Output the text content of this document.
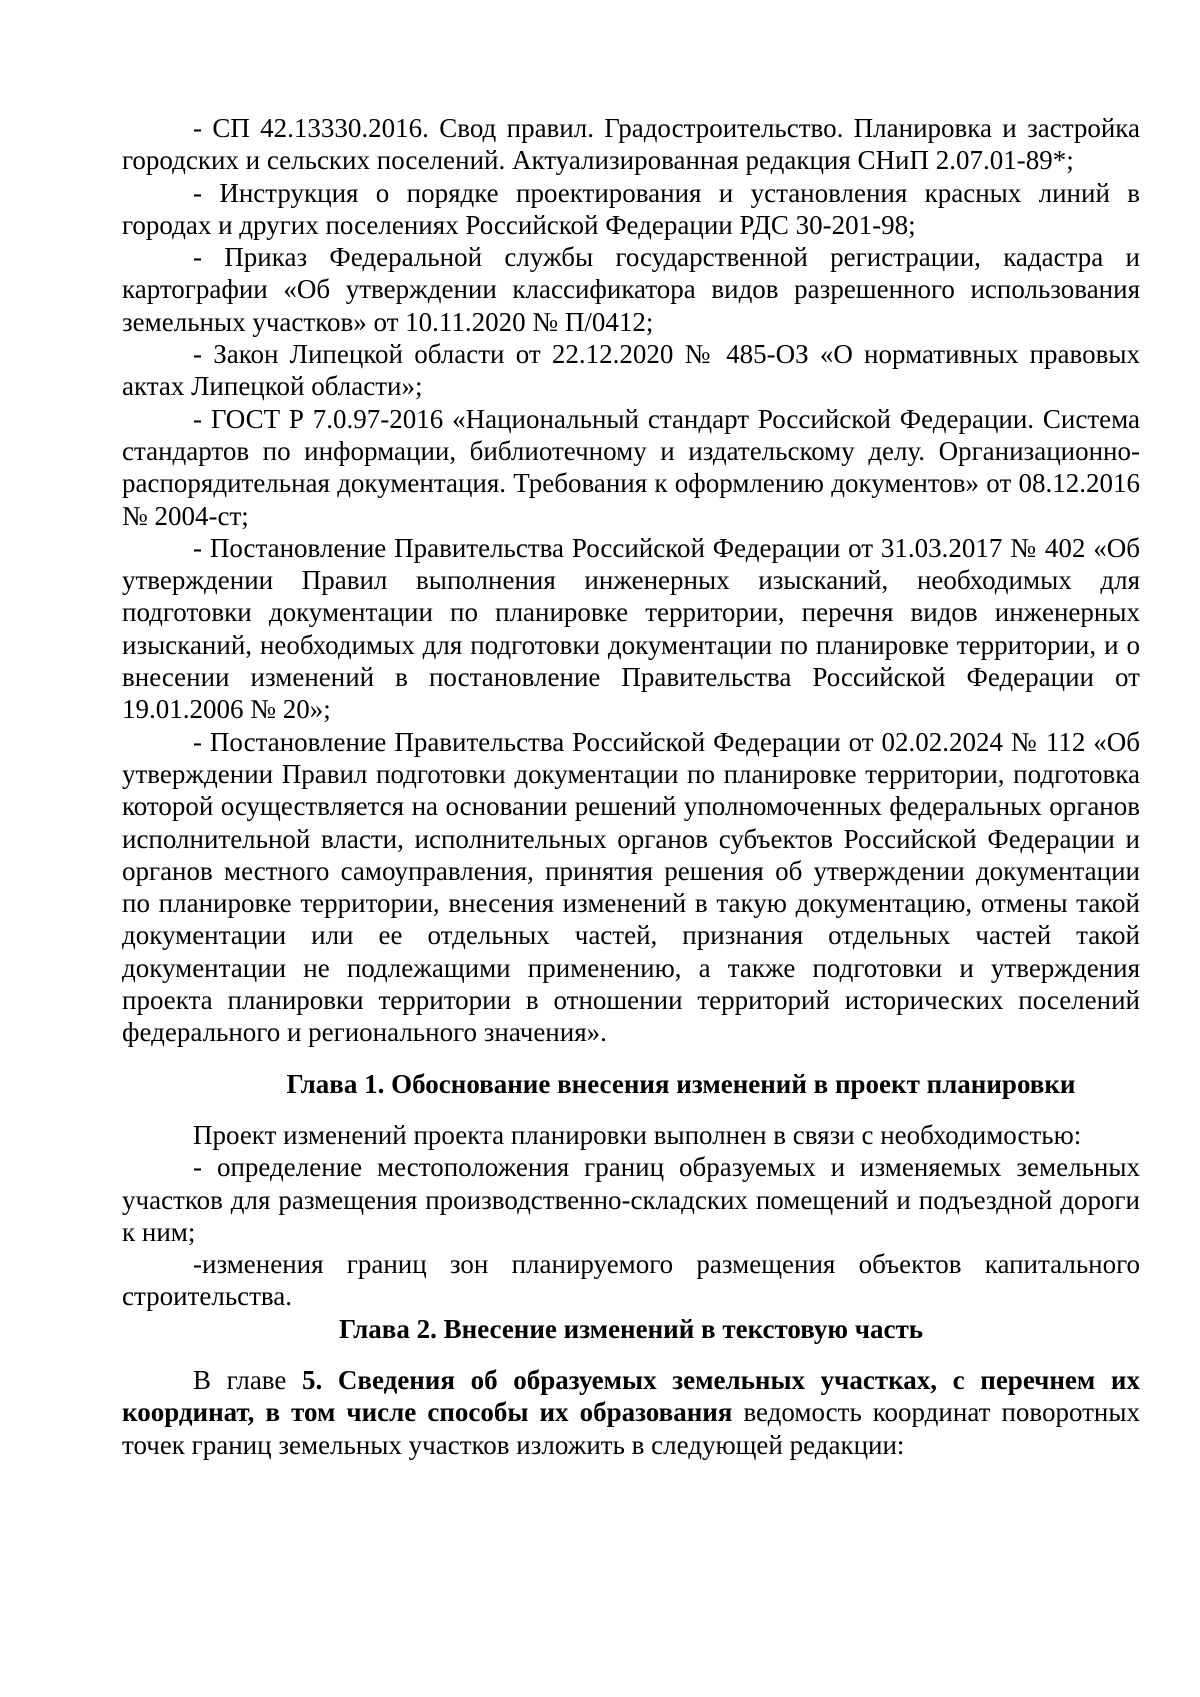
- СП 42.13330.2016. Свод правил. Градостроительство. Планировка и застройка городских и сельских поселений. Актуализированная редакция СНиП 2.07.01-89*;

- Инструкция о порядке проектирования и установления красных линий в городах и других поселениях Российской Федерации РДС 30-201-98;

- Приказ Федеральной службы государственной регистрации, кадастра и картографии «Об утверждении классификатора видов разрешенного использования земельных участков» от 10.11.2020 № П/0412;

- Закон Липецкой области от 22.12.2020 № 485-ОЗ «О нормативных правовых актах Липецкой области»;

- ГОСТ Р 7.0.97-2016 «Национальный стандарт Российской Федерации. Система стандартов по информации, библиотечному и издательскому делу. Организационно-распорядительная документация. Требования к оформлению документов» от 08.12.2016 № 2004-ст;

- Постановление Правительства Российской Федерации от 31.03.2017 № 402 «Об утверждении Правил выполнения инженерных изысканий, необходимых для подготовки документации по планировке территории, перечня видов инженерных изысканий, необходимых для подготовки документации по планировке территории, и о внесении изменений в постановление Правительства Российской Федерации от 19.01.2006 № 20»;

- Постановление Правительства Российской Федерации от 02.02.2024 № 112 «Об утверждении Правил подготовки документации по планировке территории, подготовка которой осуществляется на основании решений уполномоченных федеральных органов исполнительной власти, исполнительных органов субъектов Российской Федерации и органов местного самоуправления, принятия решения об утверждении документации по планировке территории, внесения изменений в такую документацию, отмены такой документации или ее отдельных частей, признания отдельных частей такой документации не подлежащими применению, а также подготовки и утверждения проекта планировки территории в отношении территорий исторических поселений федерального и регионального значения».

Глава 1. Обоснование внесения изменений в проект планировки

Проект изменений проекта планировки выполнен в связи с необходимостью:

- определение местоположения границ образуемых и изменяемых земельных участков для размещения производственно-складских помещений и подъездной дороги к ним;

-изменения границ зон планируемого размещения объектов капитального строительства.

Глава 2. Внесение изменений в текстовую часть

В главе 5. Сведения об образуемых земельных участках, с перечнем их координат, в том числе способы их образования ведомость координат поворотных точек границ земельных участков изложить в следующей редакции:
